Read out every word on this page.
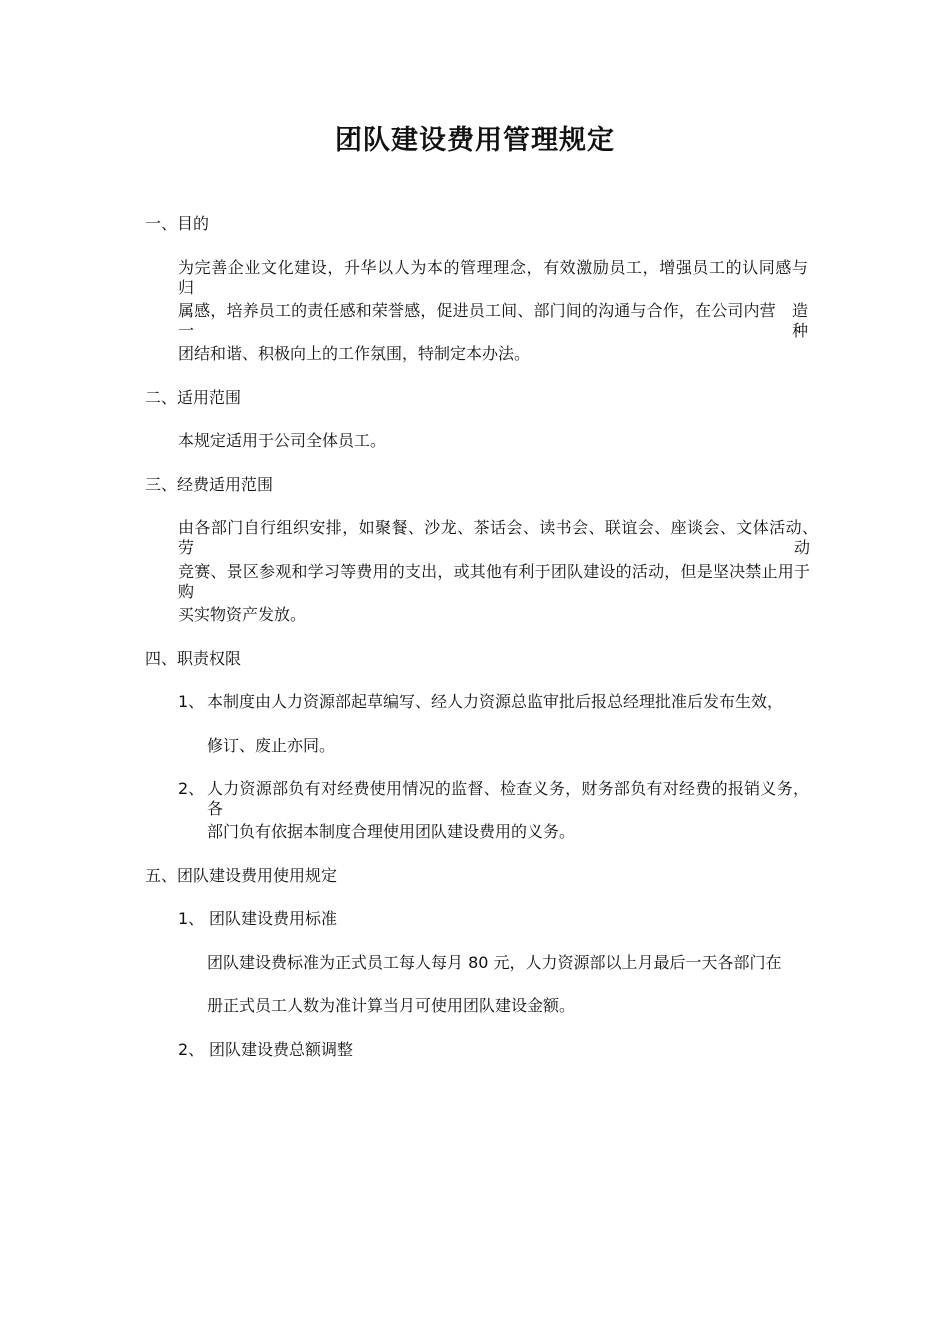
团队建设费用管理规定
一、目的
为完善企业文化建设，升华以人为本的管理理念，有效激励员工，增强员工的认同感与　归
属感，培养员工的责任感和荣誉感，促进员工间、部门间的沟通与合作，在公司内营　造一种
团结和谐、积极向上的工作氛围，特制定本办法。
二、适用范围
本规定适用于公司全体员工。
三、经费适用范围
由各部门自行组织安排，如聚餐、沙龙、茶话会、读书会、联谊会、座谈会、文体活动、　劳动
竞赛、景区参观和学习等费用的支出，或其他有利于团队建设的活动，但是坚决禁止用于购
买实物资产发放。
四、职责权限
1、 本制度由人力资源部起草编写、经人力资源总监审批后报总经理批准后发布生效，
修订、废止亦同。
2、 人力资源部负有对经费使用情况的监督、检查义务，财务部负有对经费的报销义务，各
部门负有依据本制度合理使用团队建设费用的义务。
五、团队建设费用使用规定
1、 团队建设费用标准
团队建设费标准为正式员工每人每月 80 元，人力资源部以上月最后一天各部门在
册正式员工人数为准计算当月可使用团队建设金额。
2、 团队建设费总额调整
